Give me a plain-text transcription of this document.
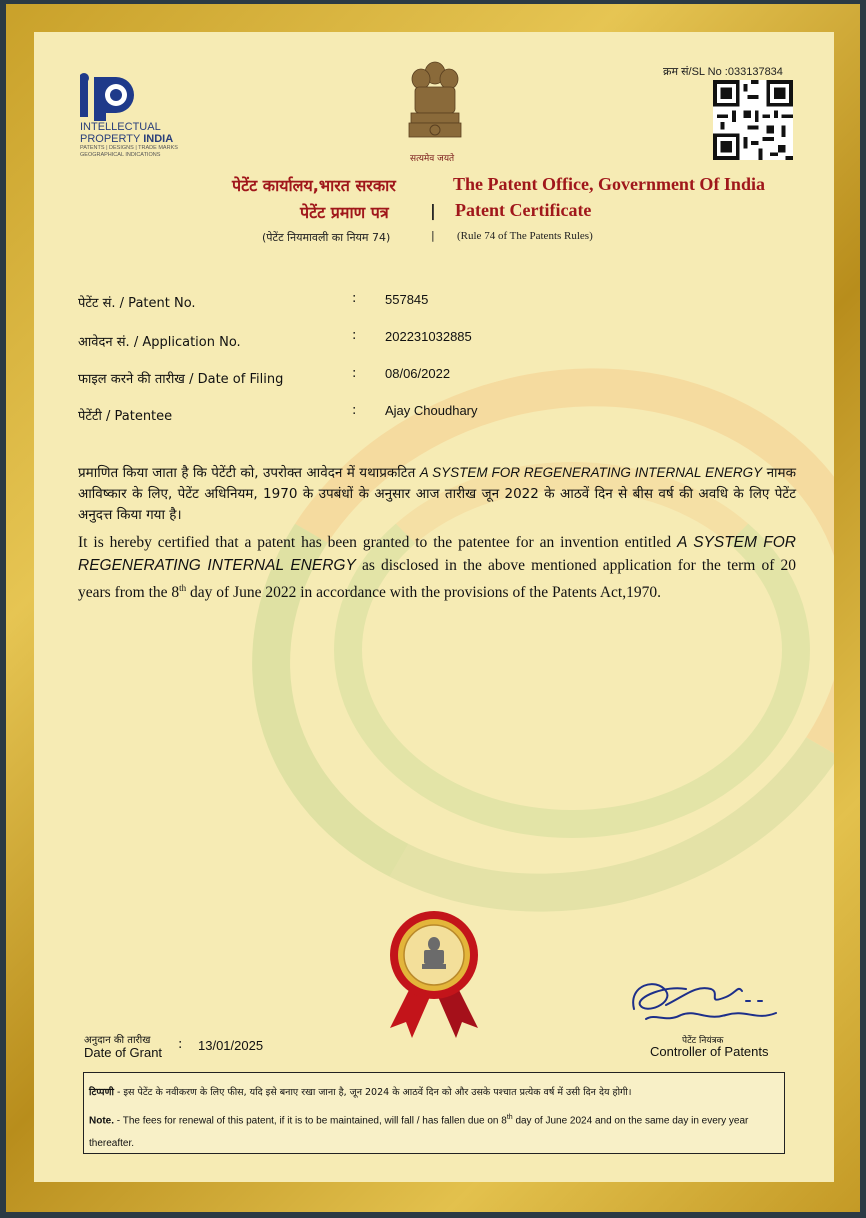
INTELLECTUAL
PROPERTY INDIA
PATENTS | DESIGNS | TRADE MARKS
GEOGRAPHICAL INDICATIONS	सत्यमेव जयते
क्रम सं/SL No :033137834
पेटेंट कार्यालय,भारत सरकार	The Patent Office, Government Of India
पेटेंट प्रमाण पत्र	| Patent Certificate
(पेटेंट नियमावली का नियम 74)	| (Rule 74 of The Patents Rules)
पेटेंट सं. / Patent No.	: 557845
आवेदन सं. / Application No.	: 202231032885
फाइल करने की तारीख / Date of Filing	: 08/06/2022
पेटेंटी / Patentee	: Ajay Choudhary
प्रमाणित किया जाता है कि पेटेंटी को, उपरोक्त आवेदन में यथाप्रकटित A SYSTEM FOR REGENERATING INTERNAL ENERGY नामक आविष्कार के लिए, पेटेंट अधिनियम, 1970 के उपबंधों के अनुसार आज तारीख जून 2022 के आठवें दिन से बीस वर्ष की अवधि के लिए पेटेंट अनुदत्त किया गया है।
It is hereby certified that a patent has been granted to the patentee for an invention entitled A SYSTEM FOR REGENERATING INTERNAL ENERGY as disclosed in the above mentioned application for the term of 20 years from the 8th day of June 2022 in accordance with the provisions of the Patents Act,1970.
अनुदान की तारीख
Date of Grant
: 13/01/2025	पेटेंट नियंत्रक
Controller of Patents
टिप्पणी - इस पेटेंट के नवीकरण के लिए फीस, यदि इसे बनाए रखा जाना है, जून 2024 के आठवें दिन को और उसके पश्चात प्रत्येक वर्ष में उसी दिन देय होगी।
Note. - The fees for renewal of this patent, if it is to be maintained, will fall / has fallen due on 8th day of June 2024 and on the same day in every year thereafter.
